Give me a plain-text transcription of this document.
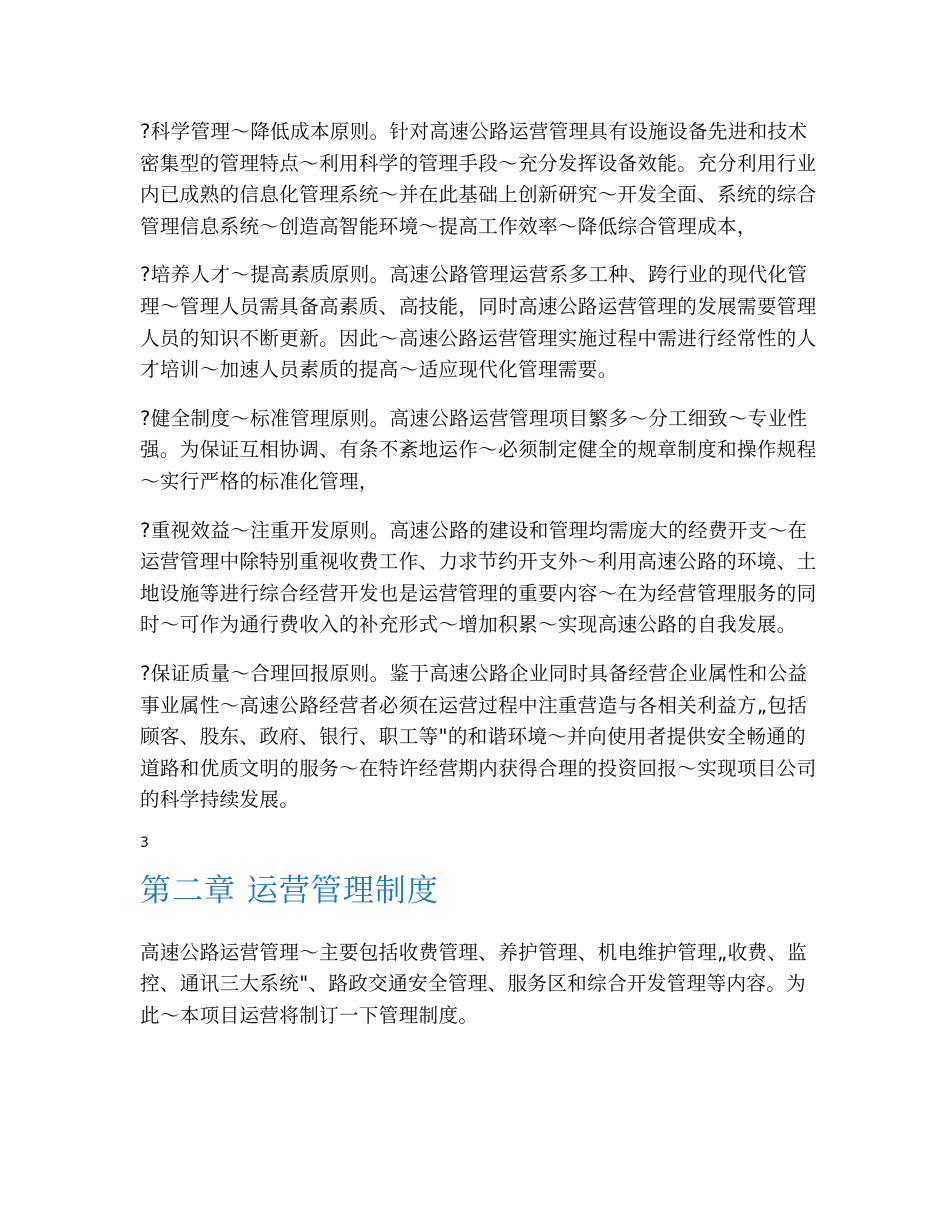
?科学管理～降低成本原则。针对高速公路运营管理具有设施设备先进和技术密集型的管理特点～利用科学的管理手段～充分发挥设备效能。充分利用行业内已成熟的信息化管理系统～并在此基础上创新研究～开发全面、系统的综合管理信息系统～创造高智能环境～提高工作效率～降低综合管理成本，

?培养人才～提高素质原则。高速公路管理运营系多工种、跨行业的现代化管理～管理人员需具备高素质、高技能，同时高速公路运营管理的发展需要管理人员的知识不断更新。因此～高速公路运营管理实施过程中需进行经常性的人才培训～加速人员素质的提高～适应现代化管理需要。

?健全制度～标准管理原则。高速公路运营管理项目繁多～分工细致～专业性强。为保证互相协调、有条不紊地运作～必须制定健全的规章制度和操作规程～实行严格的标准化管理，

?重视效益～注重开发原则。高速公路的建设和管理均需庞大的经费开支～在运营管理中除特别重视收费工作、力求节约开支外～利用高速公路的环境、土地设施等进行综合经营开发也是运营管理的重要内容～在为经营管理服务的同时～可作为通行费收入的补充形式～增加积累～实现高速公路的自我发展。

?保证质量～合理回报原则。鉴于高速公路企业同时具备经营企业属性和公益事业属性～高速公路经营者必须在运营过程中注重营造与各相关利益方„包括顾客、股东、政府、银行、职工等"的和谐环境～并向使用者提供安全畅通的道路和优质文明的服务～在特许经营期内获得合理的投资回报～实现项目公司的科学持续发展。

3
第二章 运营管理制度

高速公路运营管理～主要包括收费管理、养护管理、机电维护管理„收费、监控、通讯三大系统"、路政交通安全管理、服务区和综合开发管理等内容。为此～本项目运营将制订一下管理制度。
